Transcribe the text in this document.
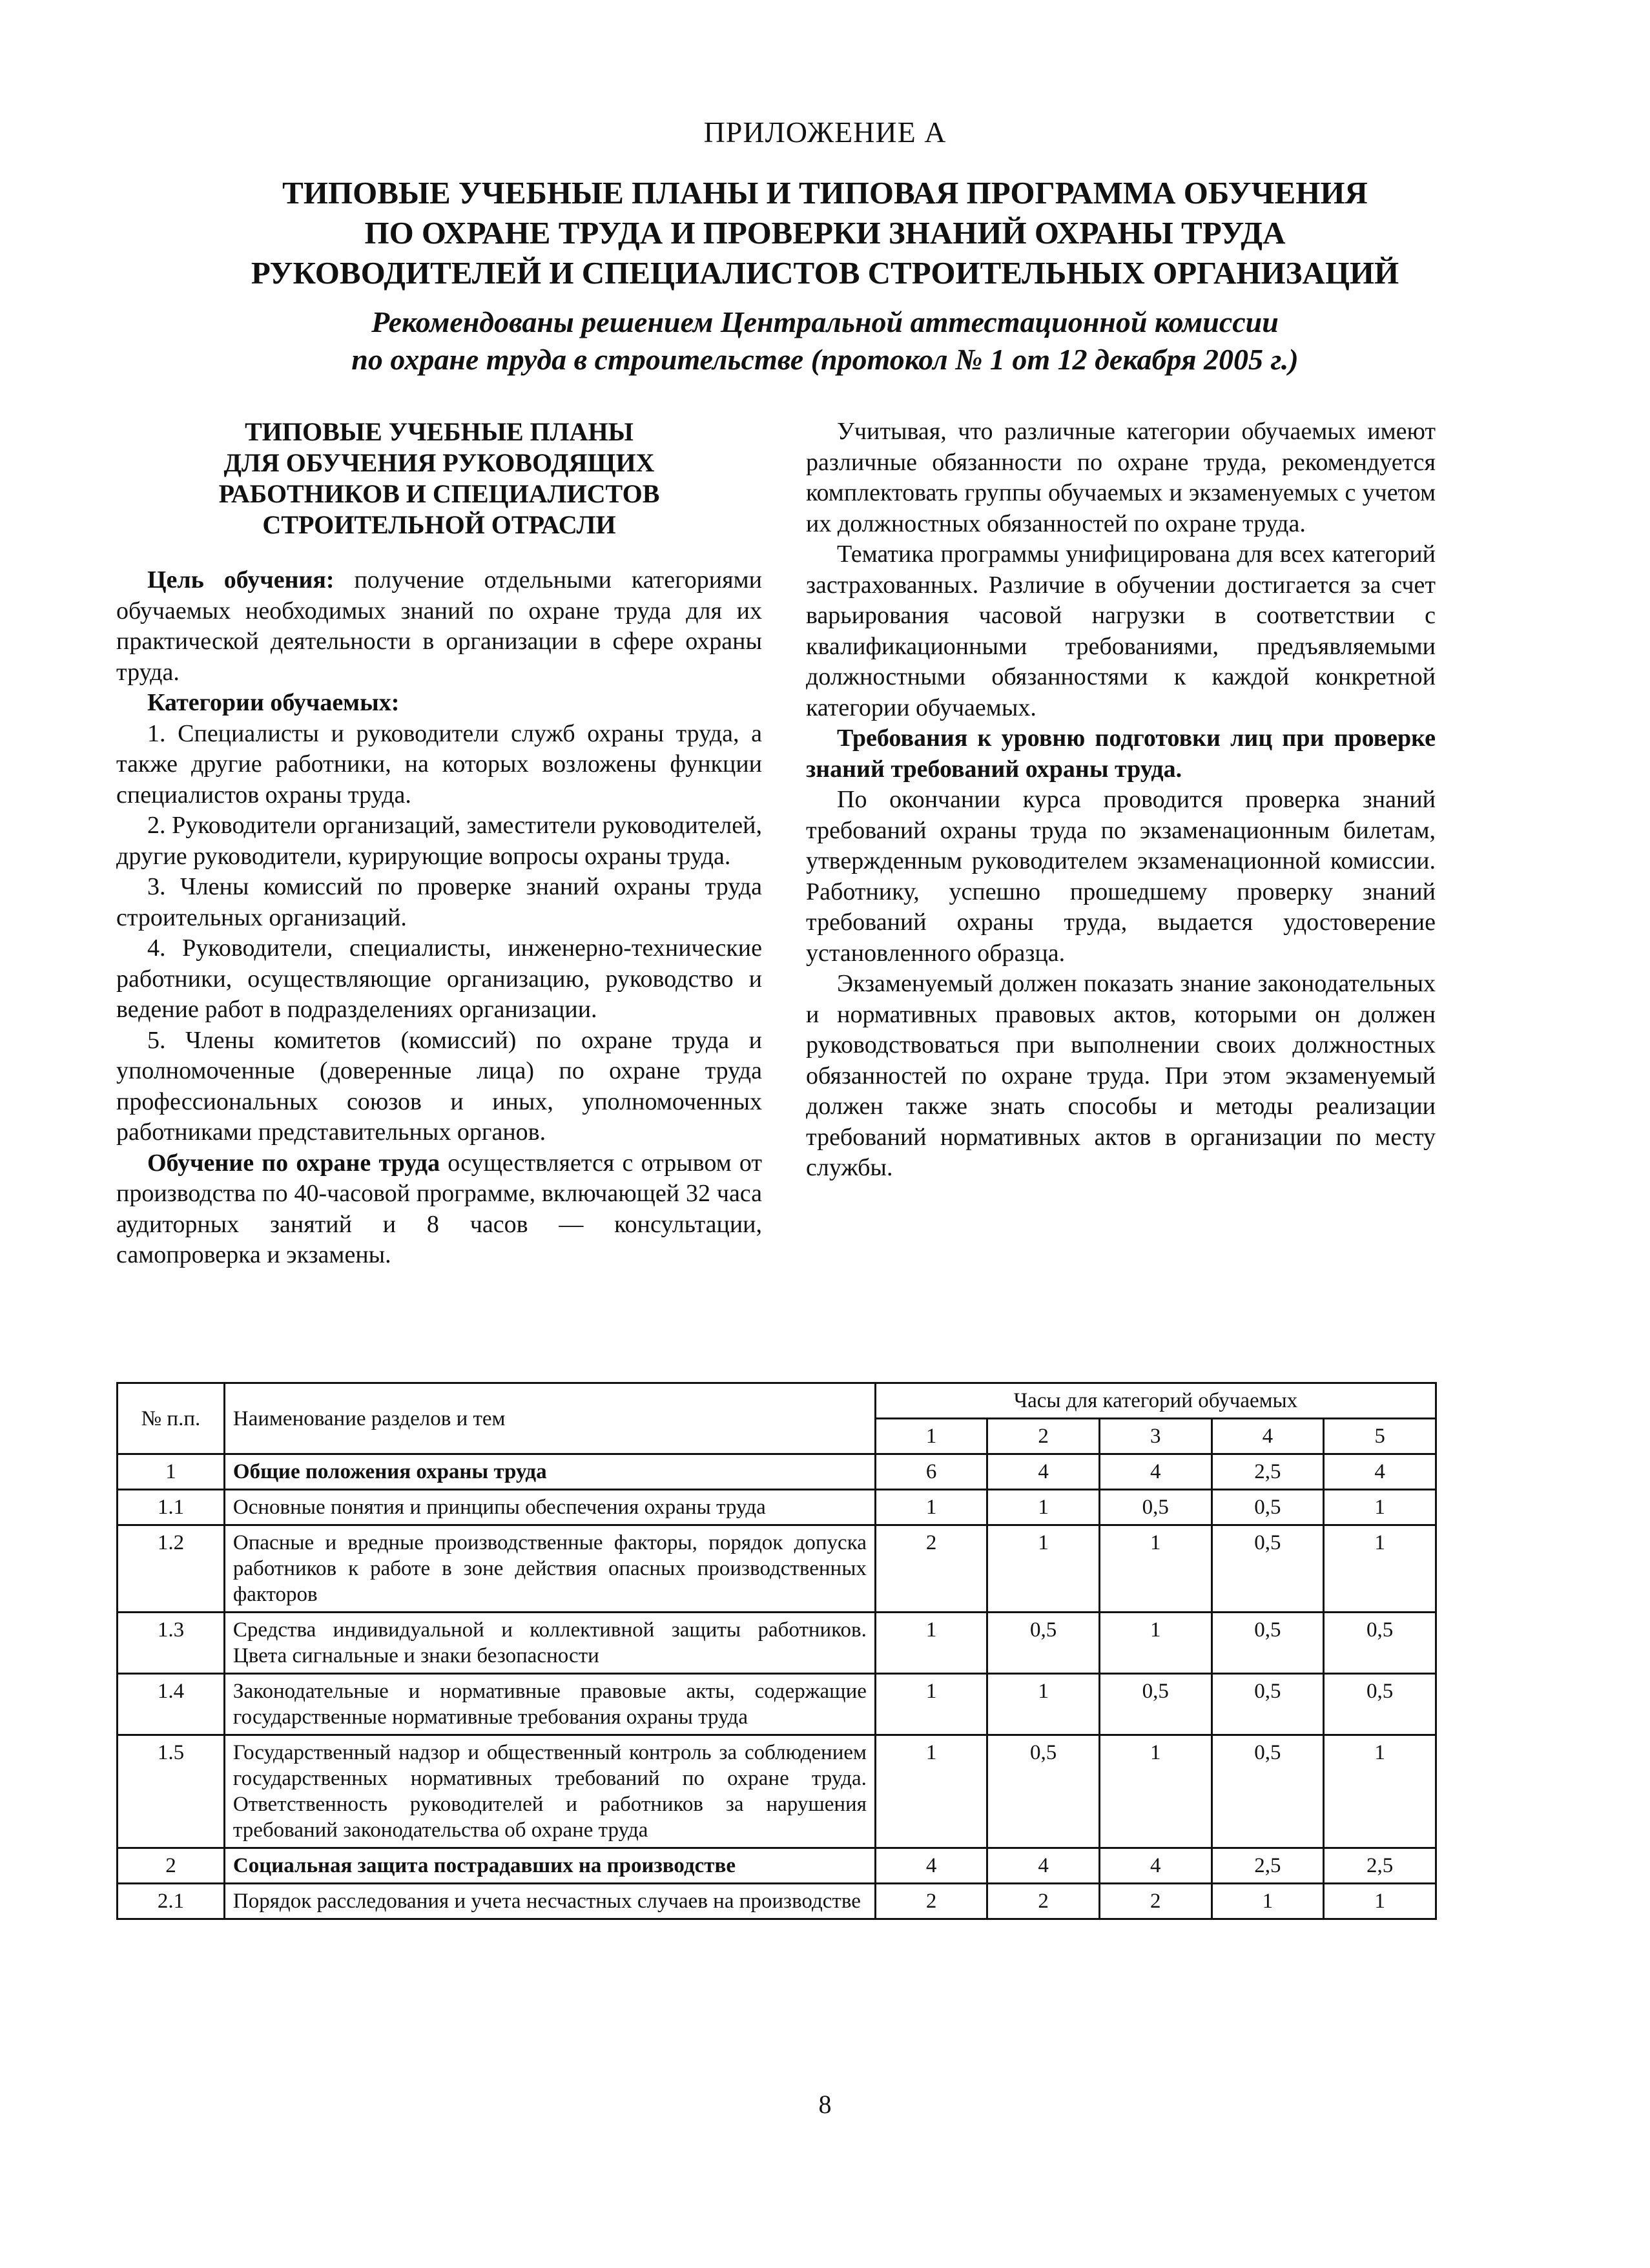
ПРИЛОЖЕНИЕ А
ТИПОВЫЕ УЧЕБНЫЕ ПЛАНЫ И ТИПОВАЯ ПРОГРАММА ОБУЧЕНИЯ
ПО ОХРАНЕ ТРУДА И ПРОВЕРКИ ЗНАНИЙ ОХРАНЫ ТРУДА
РУКОВОДИТЕЛЕЙ И СПЕЦИАЛИСТОВ СТРОИТЕЛЬНЫХ ОРГАНИЗАЦИЙ
Рекомендованы решением Центральной аттестационной комиссии
по охране труда в строительстве (протокол № 1 от 12 декабря 2005 г.)
ТИПОВЫЕ УЧЕБНЫЕ ПЛАНЫ
ДЛЯ ОБУЧЕНИЯ РУКОВОДЯЩИХ
РАБОТНИКОВ И СПЕЦИАЛИСТОВ
СТРОИТЕЛЬНОЙ ОТРАСЛИ

Цель обучения: получение отдельными категориями обучаемых необходимых знаний по охране труда для их практической деятельности в организации в сфере охраны труда.

Категории обучаемых:

1. Специалисты и руководители служб охраны труда, а также другие работники, на которых возложены функции специалистов охраны труда.

2. Руководители организаций, заместители руководителей, другие руководители, курирующие вопросы охраны труда.

3. Члены комиссий по проверке знаний охраны труда строительных организаций.

4. Руководители, специалисты, инженерно-технические работники, осуществляющие организацию, руководство и ведение работ в подразделениях организации.

5. Члены комитетов (комиссий) по охране труда и уполномоченные (доверенные лица) по охране труда профессиональных союзов и иных, уполномоченных работниками представительных органов.

Обучение по охране труда осуществляется с отрывом от производства по 40-часовой программе, включающей 32 часа аудиторных занятий и 8 часов — консультации, самопроверка и экзамены.

Учитывая, что различные категории обучаемых имеют различные обязанности по охране труда, рекомендуется комплектовать группы обучаемых и экзаменуемых с учетом их должностных обязанностей по охране труда.

Тематика программы унифицирована для всех категорий застрахованных. Различие в обучении достигается за счет варьирования часовой нагрузки в соответствии с квалификационными требованиями, предъявляемыми должностными обязанностями к каждой конкретной категории обучаемых.

Требования к уровню подготовки лиц при проверке знаний требований охраны труда.

По окончании курса проводится проверка знаний требований охраны труда по экзаменационным билетам, утвержденным руководителем экзаменационной комиссии. Работнику, успешно прошедшему проверку знаний требований охраны труда, выдается удостоверение установленного образца.

Экзаменуемый должен показать знание законодательных и нормативных правовых актов, которыми он должен руководствоваться при выполнении своих должностных обязанностей по охране труда. При этом экзаменуемый должен также знать способы и методы реализации требований нормативных актов в организации по месту службы.

№ п.п.	Наименование разделов и тем	Часы для категорий обучаемых				
		1	2	3	4	5
1	Общие положения охраны труда	6	4	4	2,5	4
1.1	Основные понятия и принципы обеспечения охраны труда	1	1	0,5	0,5	1
1.2	Опасные и вредные производственные факторы, порядок допуска работников к работе в зоне действия опасных производственных факторов	2	1	1	0,5	1
1.3	Средства индивидуальной и коллективной защиты работников. Цвета сигнальные и знаки безопасности	1	0,5	1	0,5	0,5
1.4	Законодательные и нормативные правовые акты, содержащие государственные нормативные требования охраны труда	1	1	0,5	0,5	0,5
1.5	Государственный надзор и общественный контроль за соблюдением государственных нормативных требований по охране труда. Ответственность руководителей и работников за нарушения требований законодательства об охране труда	1	0,5	1	0,5	1
2	Социальная защита пострадавших на производстве	4	4	4	2,5	2,5
2.1	Порядок расследования и учета несчастных случаев на производстве	2	2	2	1	1
8
